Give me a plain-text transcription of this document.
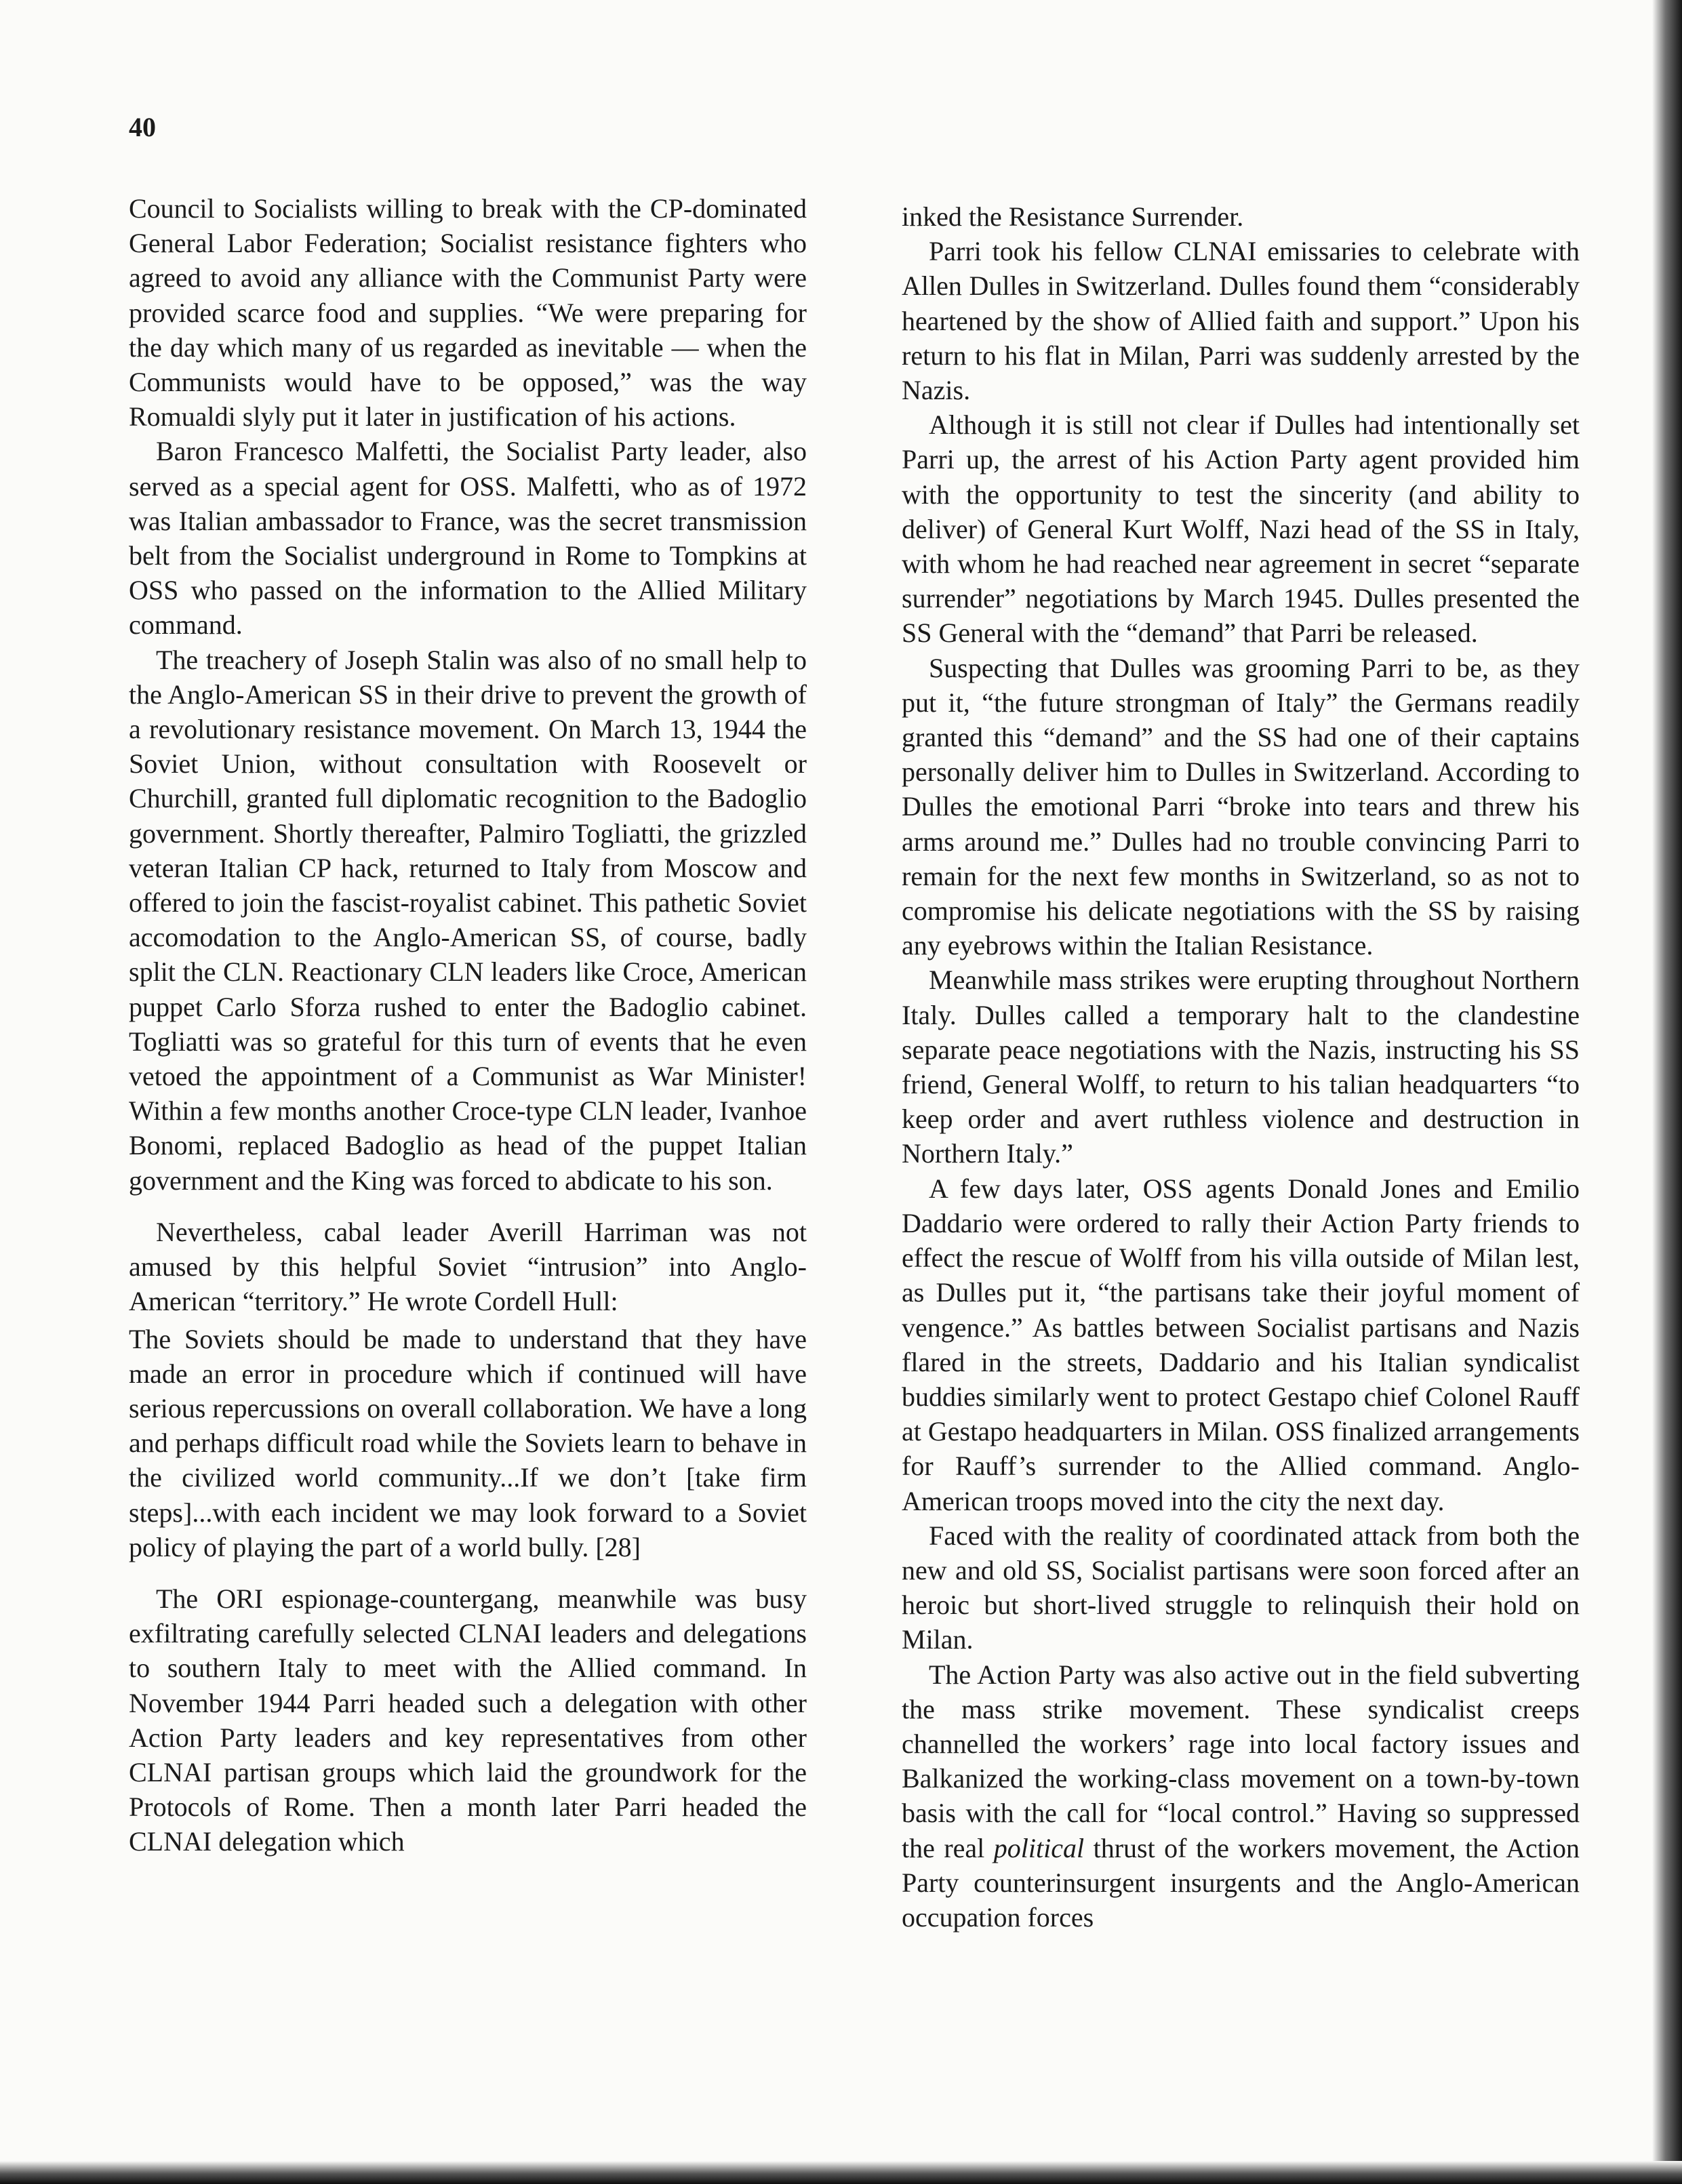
40

Council to Socialists willing to break with the CP-dominated General Labor Federation; Socialist resistance fighters who agreed to avoid any alliance with the Communist Party were provided scarce food and supplies. “We were preparing for the day which many of us regarded as inevitable — when the Communists would have to be opposed,” was the way Romualdi slyly put it later in justification of his actions.

Baron Francesco Malfetti, the Socialist Party leader, also served as a special agent for OSS. Malfetti, who as of 1972 was Italian ambassador to France, was the secret transmission belt from the Socialist underground in Rome to Tompkins at OSS who passed on the information to the Allied Military command.

The treachery of Joseph Stalin was also of no small help to the Anglo-American SS in their drive to prevent the growth of a revolutionary resistance movement. On March 13, 1944 the Soviet Union, without consultation with Roosevelt or Churchill, granted full diplomatic recognition to the Badoglio government. Shortly thereafter, Palmiro Togliatti, the grizzled veteran Italian CP hack, returned to Italy from Moscow and offered to join the fascist-royalist cabinet. This pathetic Soviet accomodation to the Anglo-American SS, of course, badly split the CLN. Reactionary CLN leaders like Croce, American puppet Carlo Sforza rushed to enter the Badoglio cabinet. Togliatti was so grateful for this turn of events that he even vetoed the appointment of a Communist as War Minister! Within a few months another Croce-type CLN leader, Ivanhoe Bonomi, replaced Badoglio as head of the puppet Italian government and the King was forced to abdicate to his son.

Nevertheless, cabal leader Averill Harriman was not amused by this helpful Soviet “intrusion” into Anglo-American “territory.” He wrote Cordell Hull:

The Soviets should be made to understand that they have made an error in procedure which if continued will have serious repercussions on overall collaboration. We have a long and perhaps difficult road while the Soviets learn to behave in the civilized world community...If we don’t [take firm steps]...with each incident we may look forward to a Soviet policy of playing the part of a world bully. [28]

The ORI espionage-countergang, meanwhile was busy exfiltrating carefully selected CLNAI leaders and delegations to southern Italy to meet with the Allied command. In November 1944 Parri headed such a delegation with other Action Party leaders and key representatives from other CLNAI partisan groups which laid the groundwork for the Protocols of Rome. Then a month later Parri headed the CLNAI delegation which

inked the Resistance Surrender.

Parri took his fellow CLNAI emissaries to celebrate with Allen Dulles in Switzerland. Dulles found them “considerably heartened by the show of Allied faith and support.” Upon his return to his flat in Milan, Parri was suddenly arrested by the Nazis.

Although it is still not clear if Dulles had intentionally set Parri up, the arrest of his Action Party agent provided him with the opportunity to test the sincerity (and ability to deliver) of General Kurt Wolff, Nazi head of the SS in Italy, with whom he had reached near agreement in secret “separate surrender” negotiations by March 1945. Dulles presented the SS General with the “demand” that Parri be released.

Suspecting that Dulles was grooming Parri to be, as they put it, “the future strongman of Italy” the Germans readily granted this “demand” and the SS had one of their captains personally deliver him to Dulles in Switzerland. According to Dulles the emotional Parri “broke into tears and threw his arms around me.” Dulles had no trouble convincing Parri to remain for the next few months in Switzerland, so as not to compromise his delicate negotiations with the SS by raising any eyebrows within the Italian Resistance.

Meanwhile mass strikes were erupting throughout Northern Italy. Dulles called a temporary halt to the clandestine separate peace negotiations with the Nazis, instructing his SS friend, General Wolff, to return to his talian headquarters “to keep order and avert ruthless violence and destruction in Northern Italy.”

A few days later, OSS agents Donald Jones and Emilio Daddario were ordered to rally their Action Party friends to effect the rescue of Wolff from his villa outside of Milan lest, as Dulles put it, “the partisans take their joyful moment of vengence.” As battles between Socialist partisans and Nazis flared in the streets, Daddario and his Italian syndicalist buddies similarly went to protect Gestapo chief Colonel Rauff at Gestapo headquarters in Milan. OSS finalized arrangements for Rauff’s surrender to the Allied command. Anglo-American troops moved into the city the next day.

Faced with the reality of coordinated attack from both the new and old SS, Socialist partisans were soon forced after an heroic but short-lived struggle to relinquish their hold on Milan.

The Action Party was also active out in the field subverting the mass strike movement. These syndicalist creeps channelled the workers’ rage into local factory issues and Balkanized the working-class movement on a town-by-town basis with the call for “local control.” Having so suppressed the real political thrust of the workers movement, the Action Party counterinsurgent insurgents and the Anglo-American occupation forces
